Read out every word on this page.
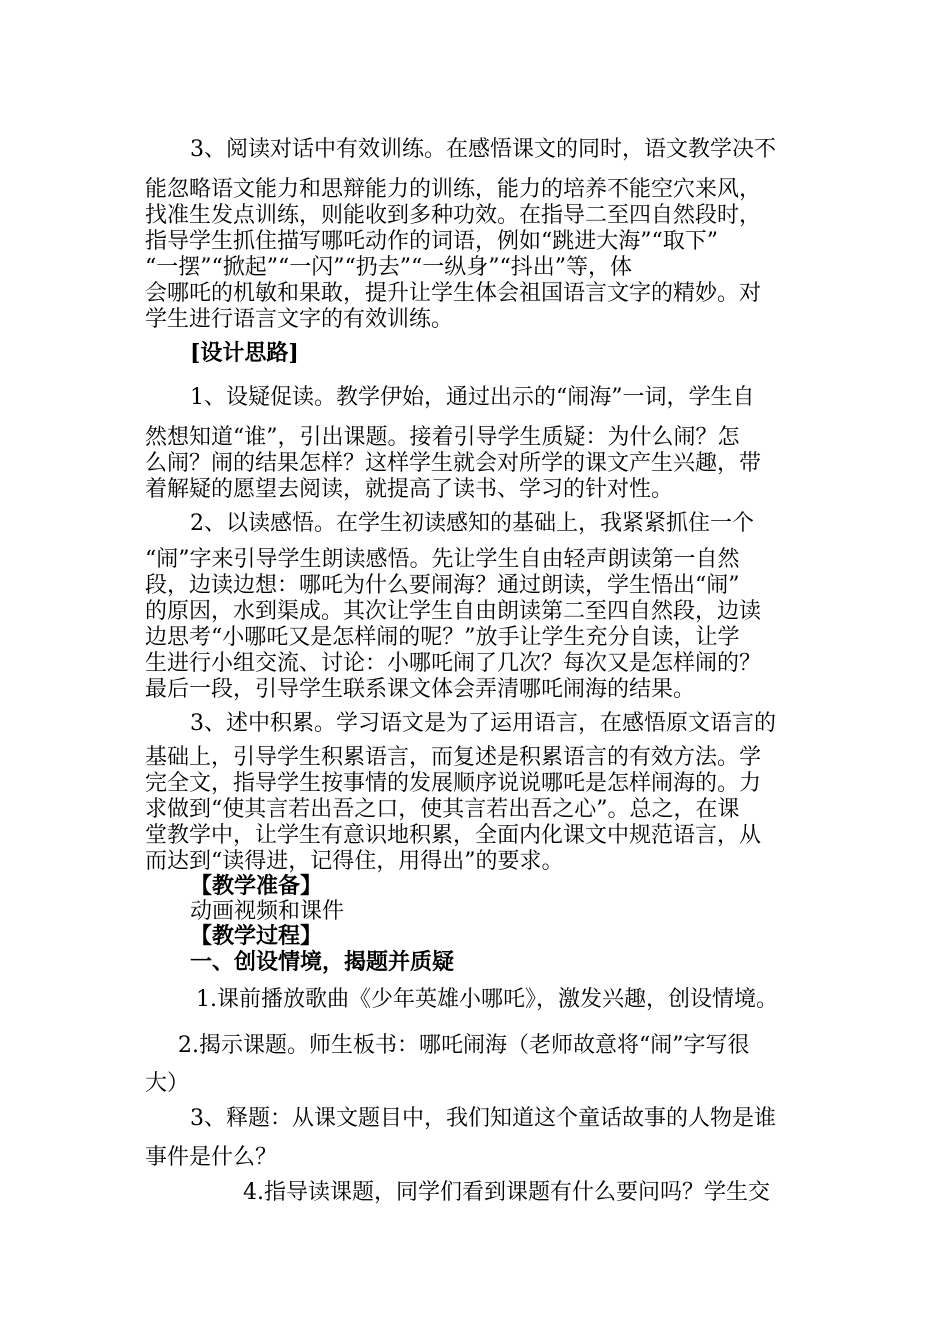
3、阅读对话中有效训练。在感悟课文的同时，语文教学决不
能忽略语文能力和思辩能力的训练，能力的培养不能空穴来风，
找准生发点训练，则能收到多种功效。在指导二至四自然段时，
指导学生抓住描写哪吒动作的词语，例如“跳进大海”“取下”
“一摆”“掀起”“一闪”“扔去”“一纵身”“抖出”等，体
会哪吒的机敏和果敢，提升让学生体会祖国语言文字的精妙。对
学生进行语言文字的有效训练。
[设计思路]
1、设疑促读。教学伊始，通过出示的“闹海”一词，学生自
然想知道“谁”，引出课题。接着引导学生质疑：为什么闹？怎
么闹？闹的结果怎样？这样学生就会对所学的课文产生兴趣，带
着解疑的愿望去阅读，就提高了读书、学习的针对性。
2、以读感悟。在学生初读感知的基础上，我紧紧抓住一个
“闹”字来引导学生朗读感悟。先让学生自由轻声朗读第一自然
段，边读边想：哪吒为什么要闹海？通过朗读，学生悟出“闹”
的原因，水到渠成。其次让学生自由朗读第二至四自然段，边读
边思考“小哪吒又是怎样闹的呢？”放手让学生充分自读，让学
生进行小组交流、讨论：小哪吒闹了几次？每次又是怎样闹的？
最后一段，引导学生联系课文体会弄清哪吒闹海的结果。
3、述中积累。学习语文是为了运用语言，在感悟原文语言的
基础上，引导学生积累语言，而复述是积累语言的有效方法。学
完全文，指导学生按事情的发展顺序说说哪吒是怎样闹海的。力
求做到“使其言若出吾之口，使其言若出吾之心”。总之，在课
堂教学中，让学生有意识地积累，全面内化课文中规范语言，从
而达到“读得进，记得住，用得出”的要求。
【教学准备】
动画视频和课件
【教学过程】
一、创设情境，揭题并质疑
1.课前播放歌曲《少年英雄小哪吒》，激发兴趣，创设情境。
2.揭示课题。师生板书：哪吒闹海（老师故意将“闹”字写很
大）
3、释题：从课文题目中，我们知道这个童话故事的人物是谁
事件是什么？
4.指导读课题，同学们看到课题有什么要问吗？学生交
